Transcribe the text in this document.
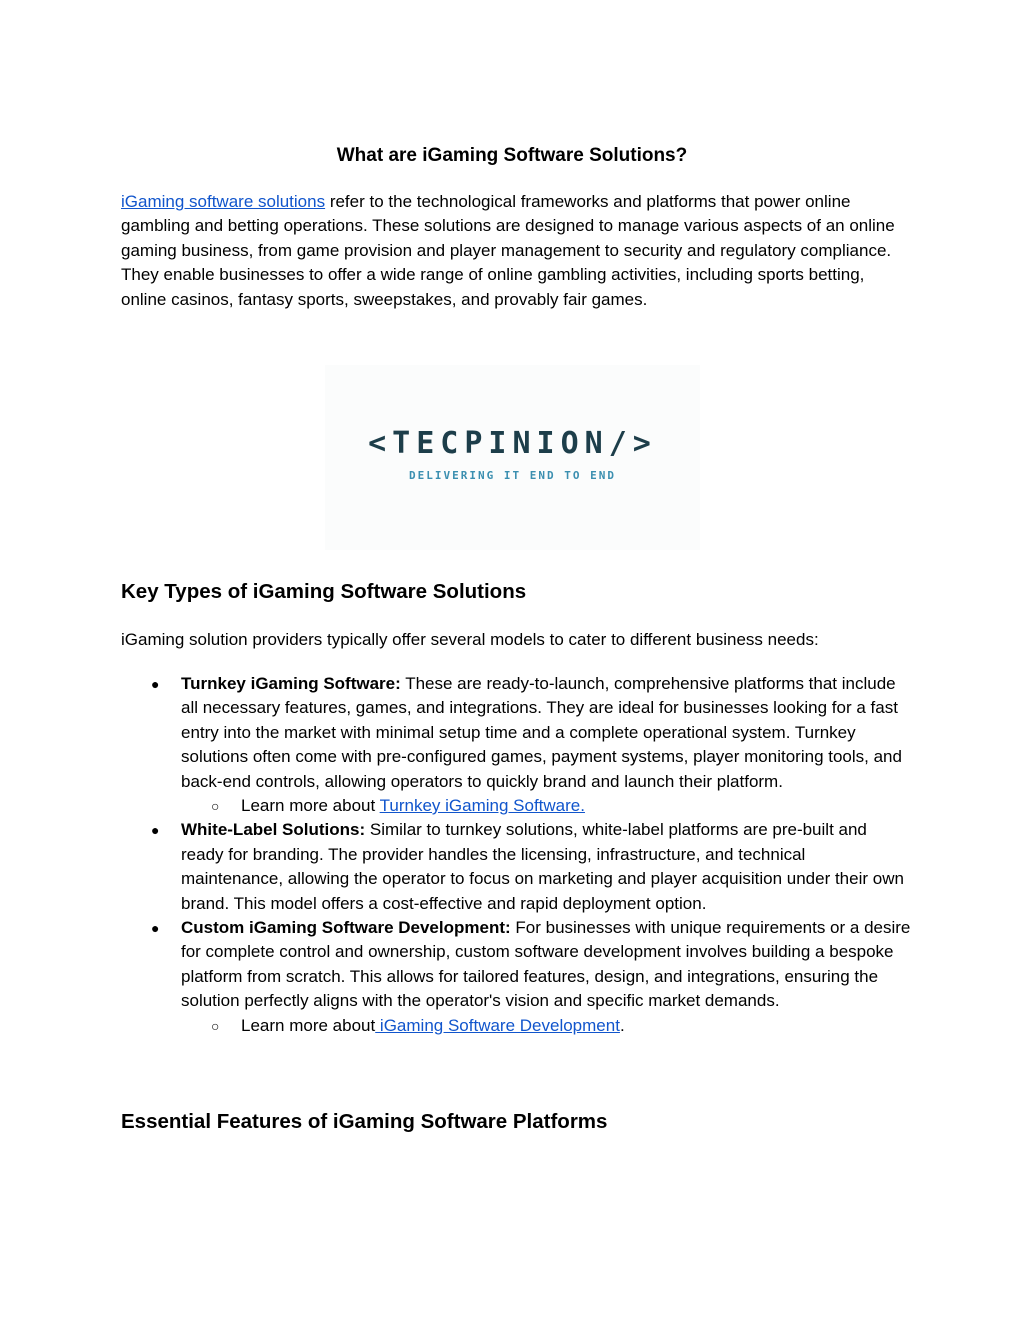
What are iGaming Software Solutions?

iGaming software solutions refer to the technological frameworks and platforms that power online gambling and betting operations. These solutions are designed to manage various aspects of an online gaming business, from game provision and player management to security and regulatory compliance. They enable businesses to offer a wide range of online gambling activities, including sports betting, online casinos, fantasy sports, sweepstakes, and provably fair games.

<TECPINION/>
DELIVERING IT END TO END
Key Types of iGaming Software Solutions

iGaming solution providers typically offer several models to cater to different business needs:

● Turnkey iGaming Software: These are ready-to-launch, comprehensive platforms that include all necessary features, games, and integrations. They are ideal for businesses looking for a fast entry into the market with minimal setup time and a complete operational system. Turnkey solutions often come with pre-configured games, payment systems, player monitoring tools, and back-end controls, allowing operators to quickly brand and launch their platform.
○ Learn more about Turnkey iGaming Software.
● White-Label Solutions: Similar to turnkey solutions, white-label platforms are pre-built and ready for branding. The provider handles the licensing, infrastructure, and technical maintenance, allowing the operator to focus on marketing and player acquisition under their own brand. This model offers a cost-effective and rapid deployment option.
● Custom iGaming Software Development: For businesses with unique requirements or a desire for complete control and ownership, custom software development involves building a bespoke platform from scratch. This allows for tailored features, design, and integrations, ensuring the solution perfectly aligns with the operator's vision and specific market demands.
○ Learn more about iGaming Software Development.
Essential Features of iGaming Software Platforms
